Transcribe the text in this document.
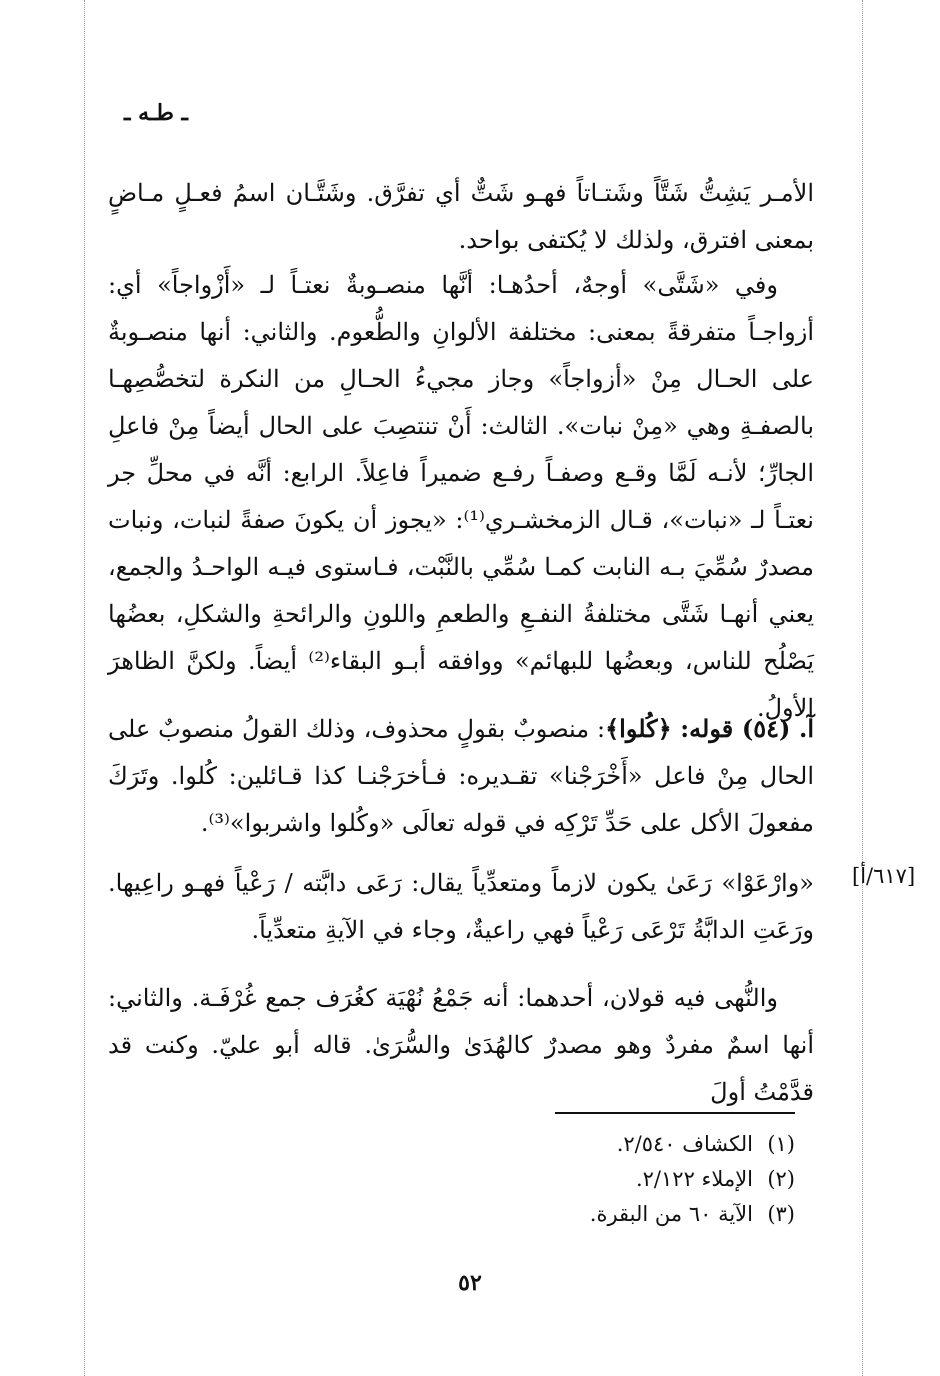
ـ طـه ـ

الأمـر يَشِتُّ شَتَّاً وشَتـاتاً فهـو شَتٌّ أي تفرَّق. وشَتَّـان اسمُ فعـلٍ مـاضٍ بمعنى افترق، ولذلك لا يُكتفى بواحد.

وفي «شَتَّى» أوجهٌ، أحدُهـا: أنَّها منصـوبةٌ نعتـاً لـ «أَزْواجاً» أي: أزواجـاً متفرقةً بمعنى: مختلفة الألوانِ والطُّعوم. والثاني: أنها منصـوبةٌ على الحـال مِنْ «أزواجاً» وجاز مجيءُ الحـالِ من النكرة لتخصُّصِهـا بالصفـةِ وهي «مِنْ نبات». الثالث: أَنْ تنتصِبَ على الحال أيضاً مِنْ فاعلِ الجارِّ؛ لأنـه لَمَّا وقـع وصفـاً رفـع ضميراً فاعِلاً. الرابع: أنَّه في محلِّ جر نعتـاً لـ «نبات»، قـال الزمخشـري⁽¹⁾: «يجوز أن يكونَ صفةً لنبات، ونبات مصدرٌ سُمِّيَ بـه النابت كمـا سُمِّي بالنَّبْت، فـاستوى فيـه الواحـدُ والجمع، يعني أنهـا شَتَّى مختلفةُ النفـعِ والطعمِ واللونِ والرائحةِ والشكلِ، بعضُها يَصْلُح للناس، وبعضُها للبهائم» ووافقه أبـو البقاء⁽²⁾ أيضاً. ولكنَّ الظاهرَ الأولُ.

آ. (٥٤) قوله: ﴿كُلوا﴾: منصوبٌ بقولٍ محذوف، وذلك القولُ منصوبٌ على الحال مِنْ فاعل «أَخْرَجْنا» تقـديره: فـأخرَجْنـا كذا قـائلين: كُلوا. وتَرَكَ مفعولَ الأكل على حَدِّ تَرْكِه في قوله تعالَى «وكُلوا واشربوا»⁽³⁾.

[٦١٧/أ]

«وارْعَوْا» رَعَىٰ يكون لازماً ومتعدِّياً يقال: رَعَى دابَّته / رَعْياً فهـو راعِيها. ورَعَتِ الدابَّةُ تَرْعَى رَعْياً فهي راعيةٌ، وجاء في الآيةِ متعدِّياً.

والنُّهى فيه قولان، أحدهما: أنه جَمْعُ نُهْيَة كغُرَف جمع غُرْفَـة. والثاني: أنها اسمٌ مفردٌ وهو مصدرٌ كالهُدَىٰ والسُّرَىٰ. قاله أبو عليّ. وكنت قد قدَّمْتُ أولَ

(١)الكشاف ٢/٥٤٠.
(٢)الإملاء ٢/١٢٢.
(٣)الآية ٦٠ من البقرة.
٥٢
